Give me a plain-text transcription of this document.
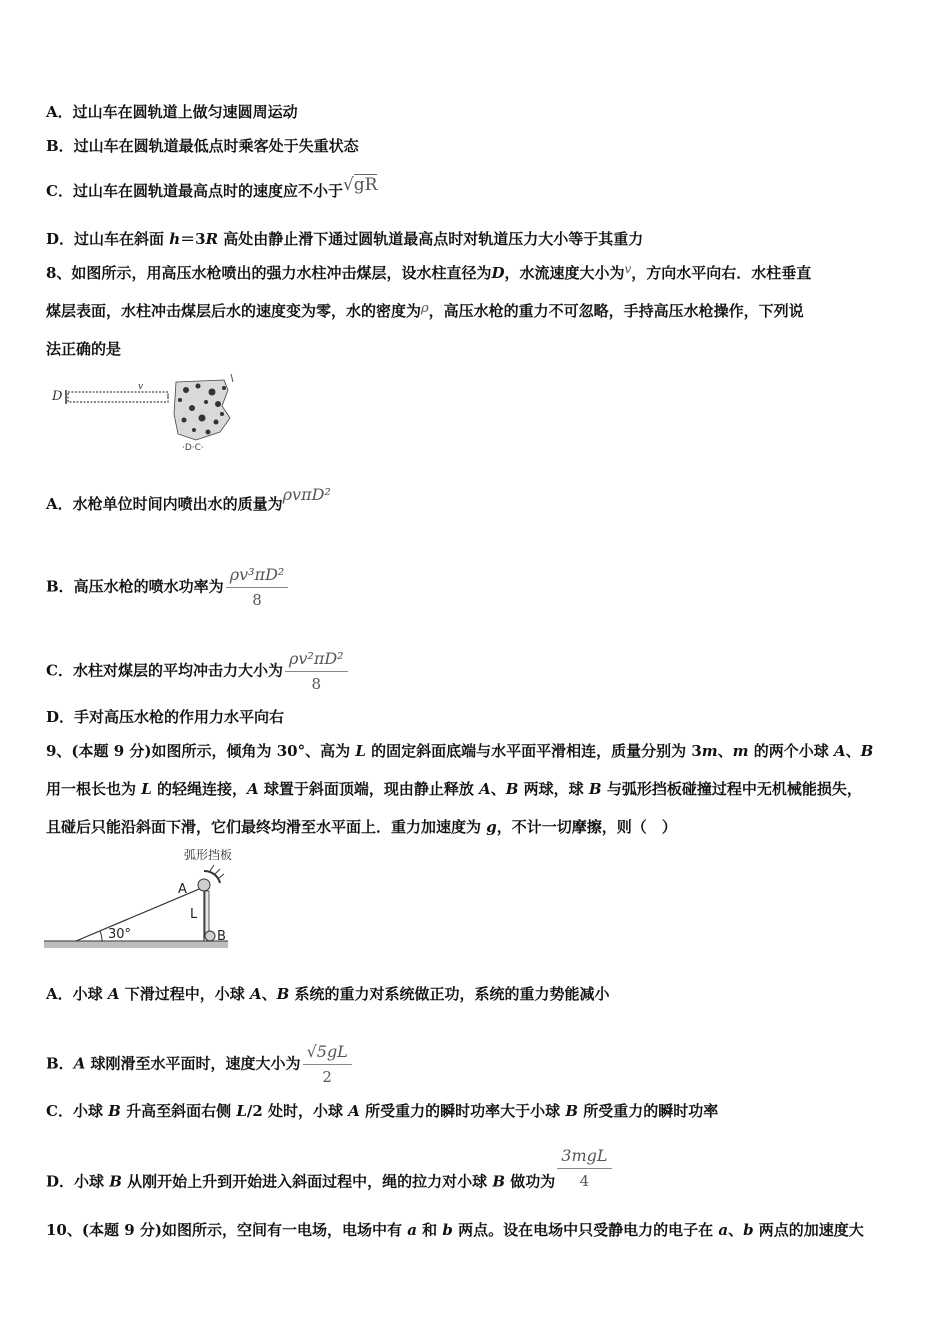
A．过山车在圆轨道上做匀速圆周运动
B．过山车在圆轨道最低点时乘客处于失重状态
C．过山车在圆轨道最高点时的速度应不小于√gR
D．过山车在斜面 h＝3R 高处由静止滑下通过圆轨道最高点时对轨道压力大小等于其重力
8、如图所示，用高压水枪喷出的强力水柱冲击煤层，设水柱直径为D，水流速度大小为$^v$，方向水平向右．水柱垂直
煤层表面，水柱冲击煤层后水的速度变为零，水的密度为ρ，高压水枪的重力不可忽略，手持高压水枪操作，下列说
法正确的是
D
v
·D·C·
A．水枪单位时间内喷出水的质量为ρvπD²
B．高压水枪的喷水功率为 $\frac{\text{ρv³πD²}}{8}$
C．水柱对煤层的平均冲击力大小为 $\frac{\text{ρv²πD²}}{8}$
D．手对高压水枪的作用力水平向右
9、(本题 9 分)如图所示，倾角为 30°、高为 L 的固定斜面底端与水平面平滑相连，质量分别为 3m、m 的两个小球 A、B
用一根长也为 L 的轻绳连接，A 球置于斜面顶端，现由静止释放 A、B 两球，球 B 与弧形挡板碰撞过程中无机械能损失，
且碰后只能沿斜面下滑，它们最终均滑至水平面上．重力加速度为 g，不计一切摩擦，则（　）
弧形挡板
30°
A
L
B
A．小球 A 下滑过程中，小球 A、B 系统的重力对系统做正功，系统的重力势能减小
B．A 球刚滑至水平面时，速度大小为 $\frac{√5gL}{2}$
C．小球 B 升高至斜面右侧 L/2 处时，小球 A 所受重力的瞬时功率大于小球 B 所受重力的瞬时功率
D．小球 B 从刚开始上升到开始进入斜面过程中，绳的拉力对小球 B 做功为 $\frac{\text{3mgL}}{4}$
10、(本题 9 分)如图所示，空间有一电场，电场中有 a 和 b 两点。设在电场中只受静电力的电子在 a、b 两点的加速度大
